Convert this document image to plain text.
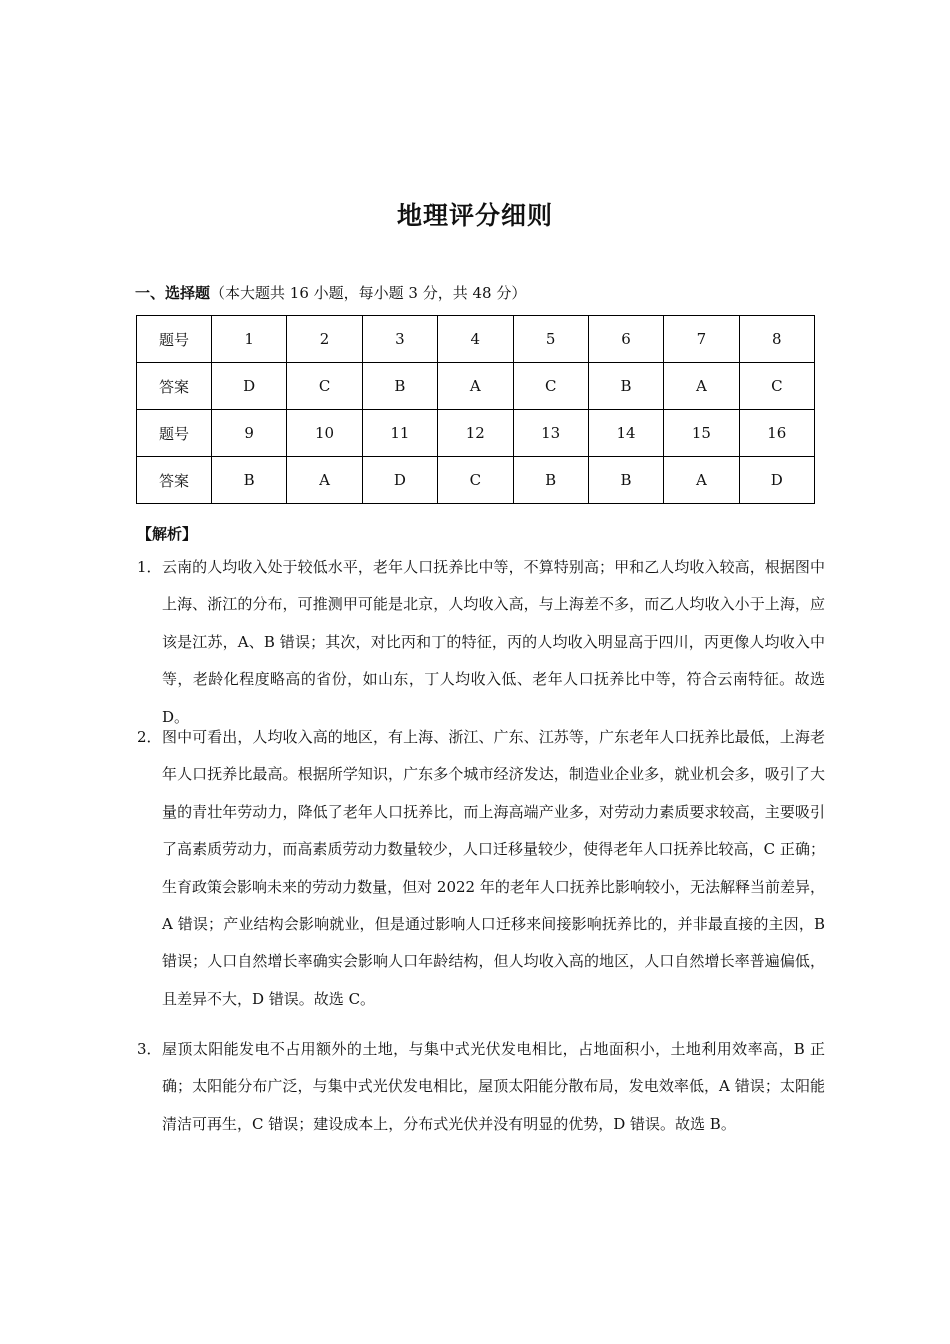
地理评分细则
一、选择题（本大题共 16 小题，每小题 3 分，共 48 分）
题号	1	2	3	4	5	6	7	8
答案	D	C	B	A	C	B	A	C
题号	9	10	11	12	13	14	15	16
答案	B	A	D	C	B	B	A	D
【解析】
1． 云南的人均收入处于较低水平，老年人口抚养比中等，不算特别高；甲和乙人均收入较高，根据图中上海、浙江的分布，可推测甲可能是北京，人均收入高，与上海差不多，而乙人均收入小于上海，应该是江苏，A、B 错误；其次，对比丙和丁的特征，丙的人均收入明显高于四川，丙更像人均收入中等，老龄化程度略高的省份，如山东，丁人均收入低、老年人口抚养比中等，符合云南特征。故选 D。
2． 图中可看出，人均收入高的地区，有上海、浙江、广东、江苏等，广东老年人口抚养比最低，上海老年人口抚养比最高。根据所学知识，广东多个城市经济发达，制造业企业多，就业机会多，吸引了大量的青壮年劳动力，降低了老年人口抚养比，而上海高端产业多，对劳动力素质要求较高，主要吸引了高素质劳动力，而高素质劳动力数量较少，人口迁移量较少，使得老年人口抚养比较高，C 正确；生育政策会影响未来的劳动力数量，但对 2022 年的老年人口抚养比影响较小，无法解释当前差异，A 错误；产业结构会影响就业，但是通过影响人口迁移来间接影响抚养比的，并非最直接的主因，B 错误；人口自然增长率确实会影响人口年龄结构，但人均收入高的地区，人口自然增长率普遍偏低，且差异不大，D 错误。故选 C。
3． 屋顶太阳能发电不占用额外的土地，与集中式光伏发电相比，占地面积小，土地利用效率高，B 正确；太阳能分布广泛，与集中式光伏发电相比，屋顶太阳能分散布局，发电效率低，A 错误；太阳能清洁可再生，C 错误；建设成本上，分布式光伏并没有明显的优势，D 错误。故选 B。
